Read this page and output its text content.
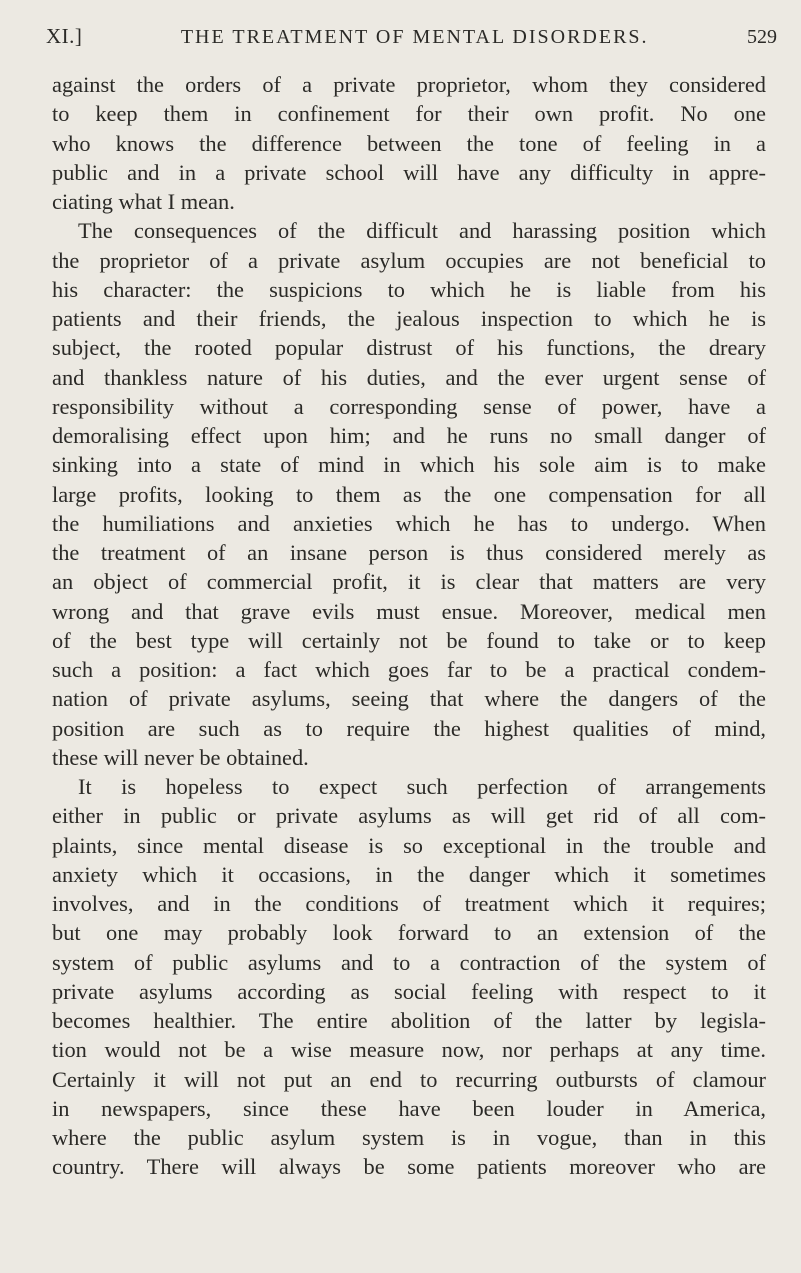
XI.]	THE TREATMENT OF MENTAL DISORDERS.	529
against the orders of a private proprietor, whom they considered
to keep them in confinement for their own profit. No one
who knows the difference between the tone of feeling in a
public and in a private school will have any difficulty in appre-
ciating what I mean.
The consequences of the difficult and harassing position which
the proprietor of a private asylum occupies are not beneficial to
his character: the suspicions to which he is liable from his
patients and their friends, the jealous inspection to which he is
subject, the rooted popular distrust of his functions, the dreary
and thankless nature of his duties, and the ever urgent sense of
responsibility without a corresponding sense of power, have a
demoralising effect upon him; and he runs no small danger of
sinking into a state of mind in which his sole aim is to make
large profits, looking to them as the one compensation for all
the humiliations and anxieties which he has to undergo. When
the treatment of an insane person is thus considered merely as
an object of commercial profit, it is clear that matters are very
wrong and that grave evils must ensue. Moreover, medical men
of the best type will certainly not be found to take or to keep
such a position: a fact which goes far to be a practical condem-
nation of private asylums, seeing that where the dangers of the
position are such as to require the highest qualities of mind,
these will never be obtained.
It is hopeless to expect such perfection of arrangements
either in public or private asylums as will get rid of all com-
plaints, since mental disease is so exceptional in the trouble and
anxiety which it occasions, in the danger which it sometimes
involves, and in the conditions of treatment which it requires;
but one may probably look forward to an extension of the
system of public asylums and to a contraction of the system of
private asylums according as social feeling with respect to it
becomes healthier. The entire abolition of the latter by legisla-
tion would not be a wise measure now, nor perhaps at any time.
Certainly it will not put an end to recurring outbursts of clamour
in newspapers, since these have been louder in America,
where the public asylum system is in vogue, than in this
country. There will always be some patients moreover who are
